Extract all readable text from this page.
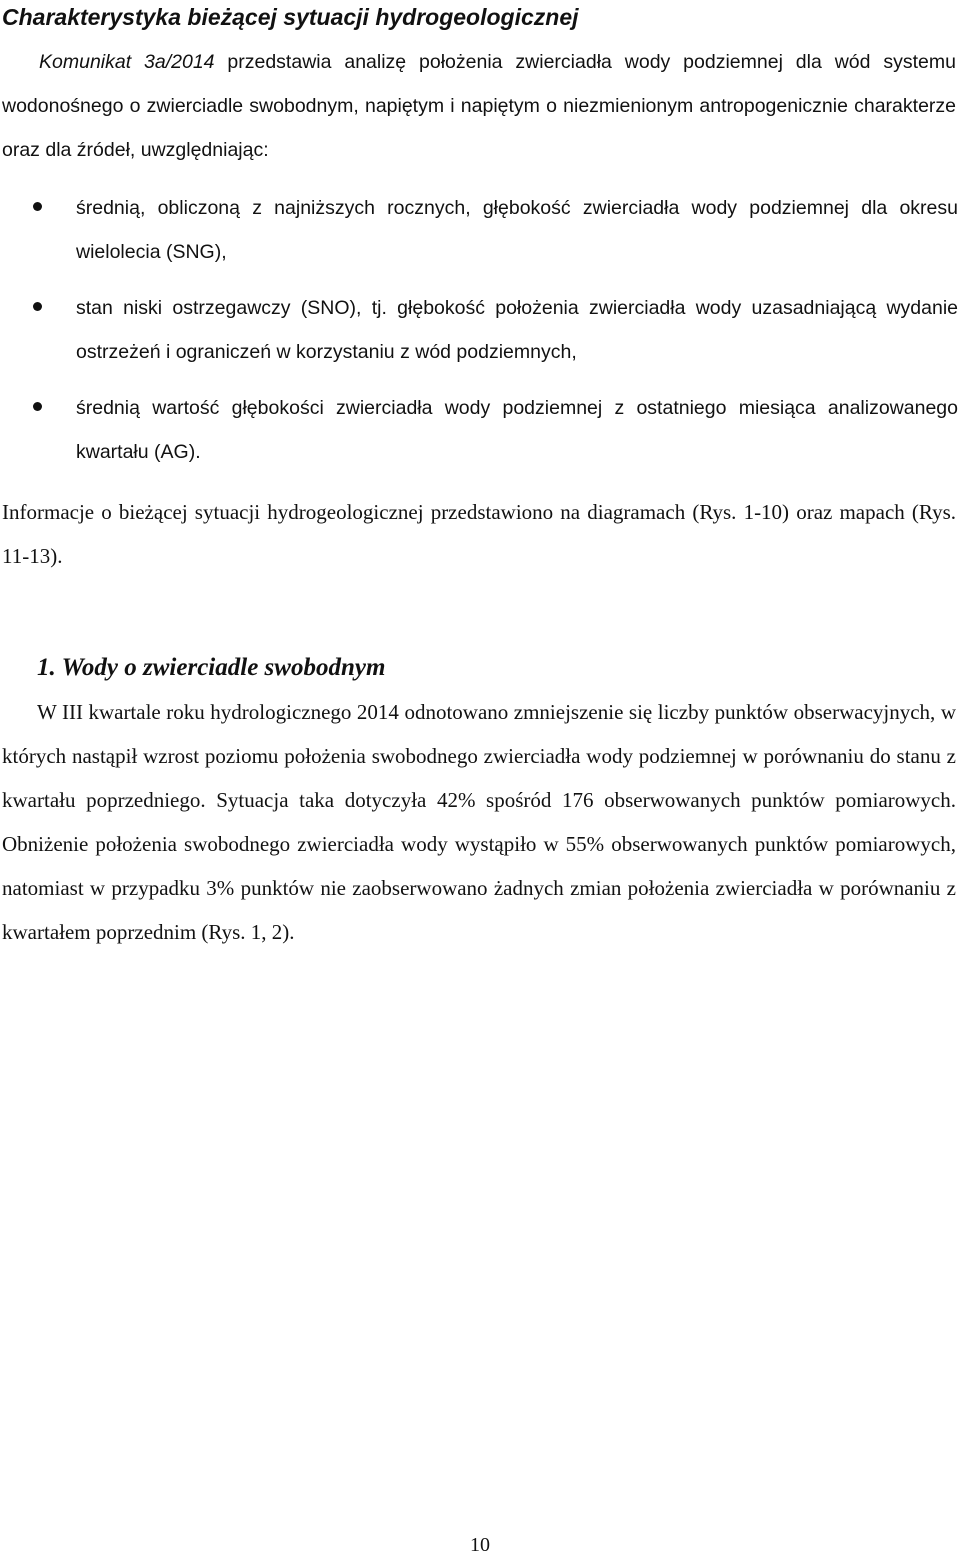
Charakterystyka bieżącej sytuacji hydrogeologicznej

Komunikat 3a/2014 przedstawia analizę położenia zwierciadła wody podziemnej dla wód systemu wodonośnego o zwierciadle swobodnym, napiętym i napiętym o niezmienionym antropogenicznie charakterze oraz dla źródeł, uwzględniając:

średnią, obliczoną z najniższych rocznych, głębokość zwierciadła wody podziemnej dla okresu wielolecia (SNG),
stan niski ostrzegawczy (SNO), tj. głębokość położenia zwierciadła wody uzasadniającą wydanie ostrzeżeń i ograniczeń w korzystaniu z wód podziemnych,
średnią wartość głębokości zwierciadła wody podziemnej z ostatniego miesiąca analizowanego kwartału (AG).

Informacje o bieżącej sytuacji hydrogeologicznej przedstawiono na diagramach (Rys. 1-10) oraz mapach (Rys. 11-13).

1. Wody o zwierciadle swobodnym

W III kwartale roku hydrologicznego 2014 odnotowano zmniejszenie się liczby punktów obserwacyjnych, w których nastąpił wzrost poziomu położenia swobodnego zwierciadła wody podziemnej w porównaniu do stanu z kwartału poprzedniego. Sytuacja taka dotyczyła 42% spośród 176 obserwowanych punktów pomiarowych. Obniżenie położenia swobodnego zwierciadła wody wystąpiło w 55% obserwowanych punktów pomiarowych, natomiast w przypadku 3% punktów nie zaobserwowano żadnych zmian położenia zwierciadła w porównaniu z kwartałem poprzednim (Rys. 1, 2).

10
